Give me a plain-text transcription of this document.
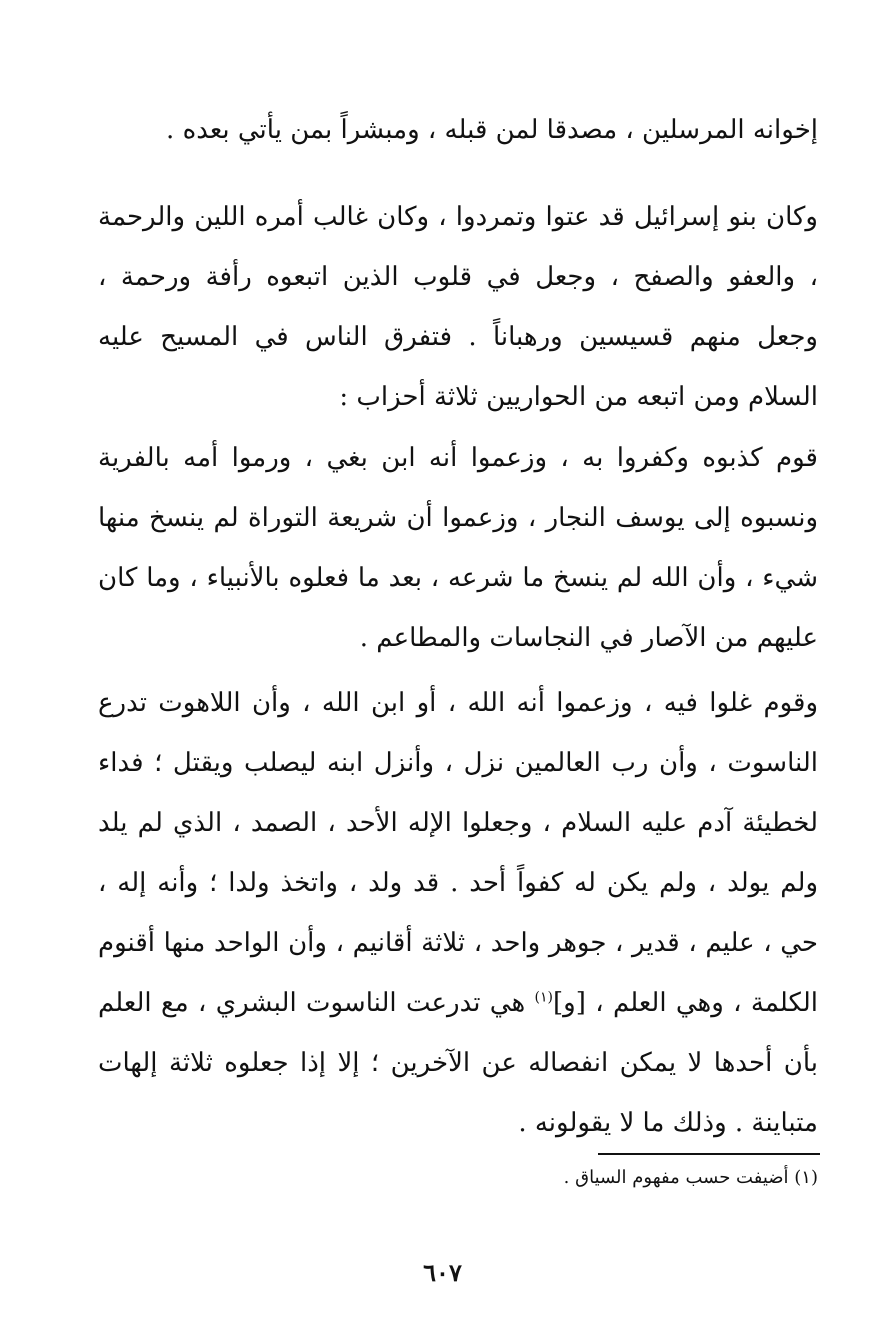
إخوانه المرسلين ، مصدقا لمن قبله ، ومبشراً بمن يأتي بعده .

وكان بنو إسرائيل قد عتوا وتمردوا ، وكان غالب أمره اللين والرحمة ، والعفو والصفح ، وجعل في قلوب الذين اتبعوه رأفة ورحمة ، وجعل منهم قسيسين ورهباناً . فتفرق الناس في المسيح عليه السلام ومن اتبعه من الحواريين ثلاثة أحزاب :

قوم كذبوه وكفروا به ، وزعموا أنه ابن بغي ، ورموا أمه بالفرية ونسبوه إلى يوسف النجار ، وزعموا أن شريعة التوراة لم ينسخ منها شيء ، وأن الله لم ينسخ ما شرعه ، بعد ما فعلوه بالأنبياء ، وما كان عليهم من الآصار في النجاسات والمطاعم .

وقوم غلوا فيه ، وزعموا أنه الله ، أو ابن الله ، وأن اللاهوت تدرع الناسوت ، وأن رب العالمين نزل ، وأنزل ابنه ليصلب ويقتل ؛ فداء لخطيئة آدم عليه السلام ، وجعلوا الإله الأحد ، الصمد ، الذي لم يلد ولم يولد ، ولم يكن له كفواً أحد . قد ولد ، واتخذ ولدا ؛ وأنه إله ، حي ، عليم ، قدير ، جوهر واحد ، ثلاثة أقانيم ، وأن الواحد منها أقنوم الكلمة ، وهي العلم ، [و]$^{(١)}$ هي تدرعت الناسوت البشري ، مع العلم بأن أحدها لا يمكن انفصاله عن الآخرين ؛ إلا إذا جعلوه ثلاثة إلهات متباينة . وذلك ما لا يقولونه .

(١) أضيفت حسب مفهوم السياق .

٦٠٧
